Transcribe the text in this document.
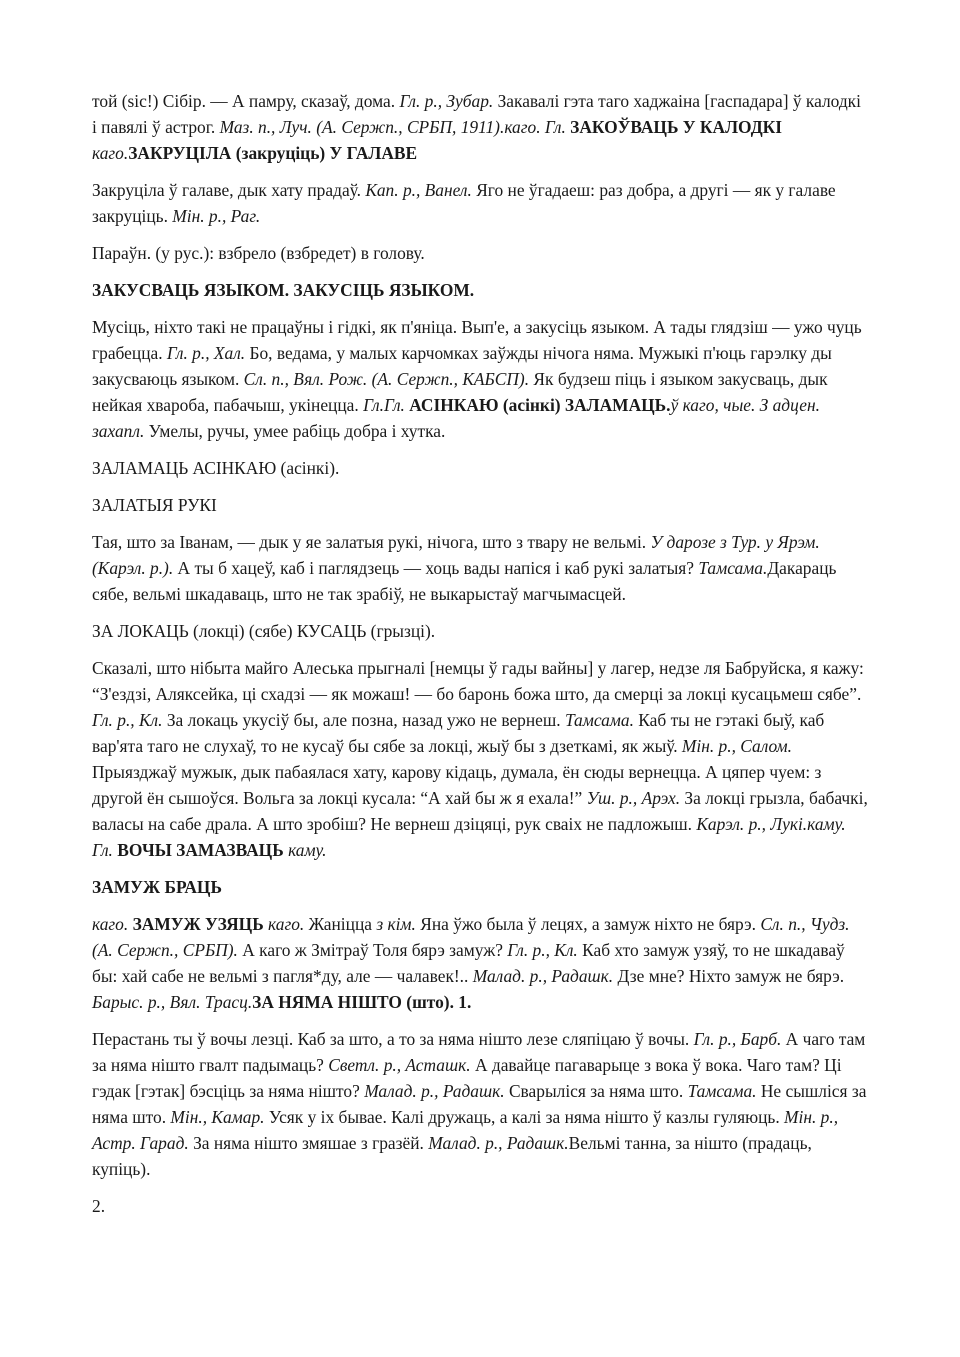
той (sic!) Сібір. — А памру, сказаў, дома. Гл. р., Зубар. Закавалі гэта таго хаджаіна [гаспадара] ў калодкі і павялі ў астрог. Маз. п., Луч. (А. Сержп., СРБП, 1911).каго. Гл. ЗАКОЎВАЦЬ У КАЛОДКІ каго.ЗАКРУЦІЛА (закруціць) У ГАЛАВЕ

Закруціла ў галаве, дык хату прадаў. Кап. р., Ванел. Яго не ўгадаеш: раз добра, а другі — як у галаве закруціць. Мін. р., Раг.

Параўн. (у рус.): взбрело (взбредет) в голову.

ЗАКУСВАЦЬ ЯЗЫКОМ. ЗАКУСІЦЬ ЯЗЫКОМ.

Мусіць, ніхто такі не працаўны і гідкі, як п'яніца. Вып'е, а закусіць языком. А тады глядзіш — ужо чуць грабецца. Гл. р., Хал. Бо, ведама, у малых карчомках заўжды нічога няма. Мужыкі п'юць гарэлку ды закусваюць языком. Сл. п., Вял. Рож. (А. Сержп., КАБСП). Як будзеш піць і языком закусваць, дык нейкая хвароба, пабачыш, укінецца. Гл.Гл. АСІНКАЮ (асінкі) ЗАЛАМАЦЬ.ў каго, чые. З адцен. захапл. Умелы, ручы, умее рабіць добра і хутка.

ЗАЛАМАЦЬ АСІНКАЮ (асінкі).

ЗАЛАТЫЯ РУКІ

Тая, што за Іванам, — дык у яе залатыя рукі, нічога, што з твару не вельмі. У дарозе з Тур. у Ярэм. (Карэл. р.). А ты б хацеў, каб і паглядзець — хоць вады напіся і каб рукі залатыя? Тамсама.Дакараць сябе, вельмі шкадаваць, што не так зрабіў, не выкарыстаў магчымасцей.

ЗА ЛОКАЦЬ (локці) (сябе) КУСАЦЬ (грызці).

Сказалі, што нібыта майго Алеська прыгналі [немцы ў гады вайны] у лагер, недзе ля Бабруйска, я кажу: “З'ездзі, Аляксейка, ці схадзі — як можаш! — бо баронь божа што, да смерці за локці кусацьмеш сябе”. Гл. р., Кл. За локаць укусіў бы, але позна, назад ужо не вернеш. Тамсама. Каб ты не гэтакі быў, каб вар'ята таго не слухаў, то не кусаў бы сябе за локці, жыў бы з дзеткамі, як жыў. Мін. р., Салом. Прыязджаў мужык, дык пабаялася хату, карову кідаць, думала, ён сюды вернецца. А цяпер чуем: з другой ён сышоўся. Вольга за локці кусала: “А хай бы ж я ехала!” Уш. р., Арэх. За локці грызла, бабачкі, валасы на сабе драла. А што зробіш? Не вернеш дзіцяці, рук сваіх не падложыш. Карэл. р., Лукі.каму. Гл. ВОЧЫ ЗАМАЗВАЦЬ каму.

ЗАМУЖ БРАЦЬ

каго. ЗАМУЖ УЗЯЦЬ каго. Жаніцца з кім. Яна ўжо была ў лецях, а замуж ніхто не бярэ. Сл. п., Чудз. (А. Сержп., СРБП). А каго ж Змітраў Толя бярэ замуж? Гл. р., Кл. Каб хто замуж узяў, то не шкадаваў бы: хай сабе не вельмі з пагля*ду, але — чалавек!.. Малад. р., Радашк. Дзе мне? Ніхто замуж не бярэ. Барыс. р., Вял. Трасц.ЗА НЯМА НІШТО (што). 1.

Перастань ты ў вочы лезці. Каб за што, а то за няма нішто лезе сляпіцаю ў вочы. Гл. р., Барб. А чаго там за няма нішто гвалт падымаць? Светл. р., Асташк. А давайце пагаварыце з вока ў вока. Чаго там? Ці гэдак [гэтак] бэсціць за няма нішто? Малад. р., Радашк. Сварыліся за няма што. Тамсама. Не сышліся за няма што. Мін., Камар. Усяк у іх бывае. Калі дружаць, а калі за няма нішто ў казлы гуляюць. Мін. р., Астр. Гарад. За няма нішто змяшае з гразёй. Малад. р., Радашк.Вельмі танна, за нішто (прадаць, купіць).

2.
